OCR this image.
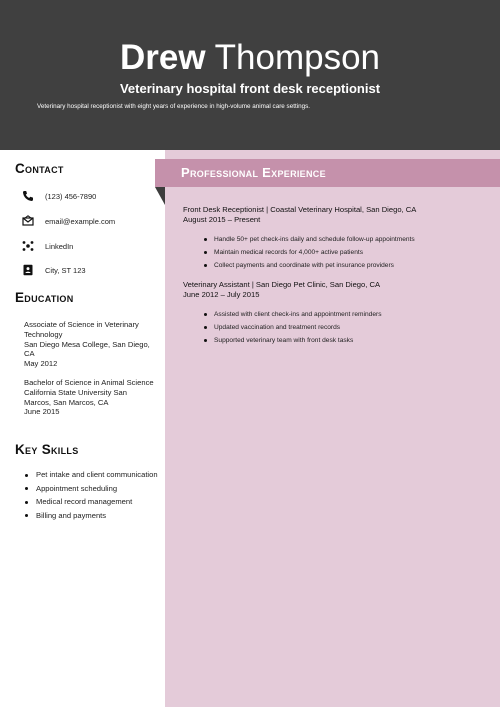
Drew Thompson
Veterinary hospital front desk receptionist
Veterinary hospital receptionist with eight years of experience in high-volume animal care settings.
Professional Experience
Front Desk Receptionist | Coastal Veterinary Hospital, San Diego, CA
August 2015 – Present
Handle 50+ pet check-ins daily and schedule follow-up appointments
Maintain medical records for 4,000+ active patients
Collect payments and coordinate with pet insurance providers
Veterinary Assistant | San Diego Pet Clinic, San Diego, CA
June 2012 – July 2015
Assisted with client check-ins and appointment reminders
Updated vaccination and treatment records
Supported veterinary team with front desk tasks
Contact
(123) 456-7890
email@example.com
LinkedIn
City, ST 123
Education
Associate of Science in Veterinary Technology
San Diego Mesa College, San Diego, CA
May 2012
Bachelor of Science in Animal Science
California State University San Marcos, San Marcos, CA
June 2015
Key Skills
Pet intake and client communication
Appointment scheduling
Medical record management
Billing and payments
